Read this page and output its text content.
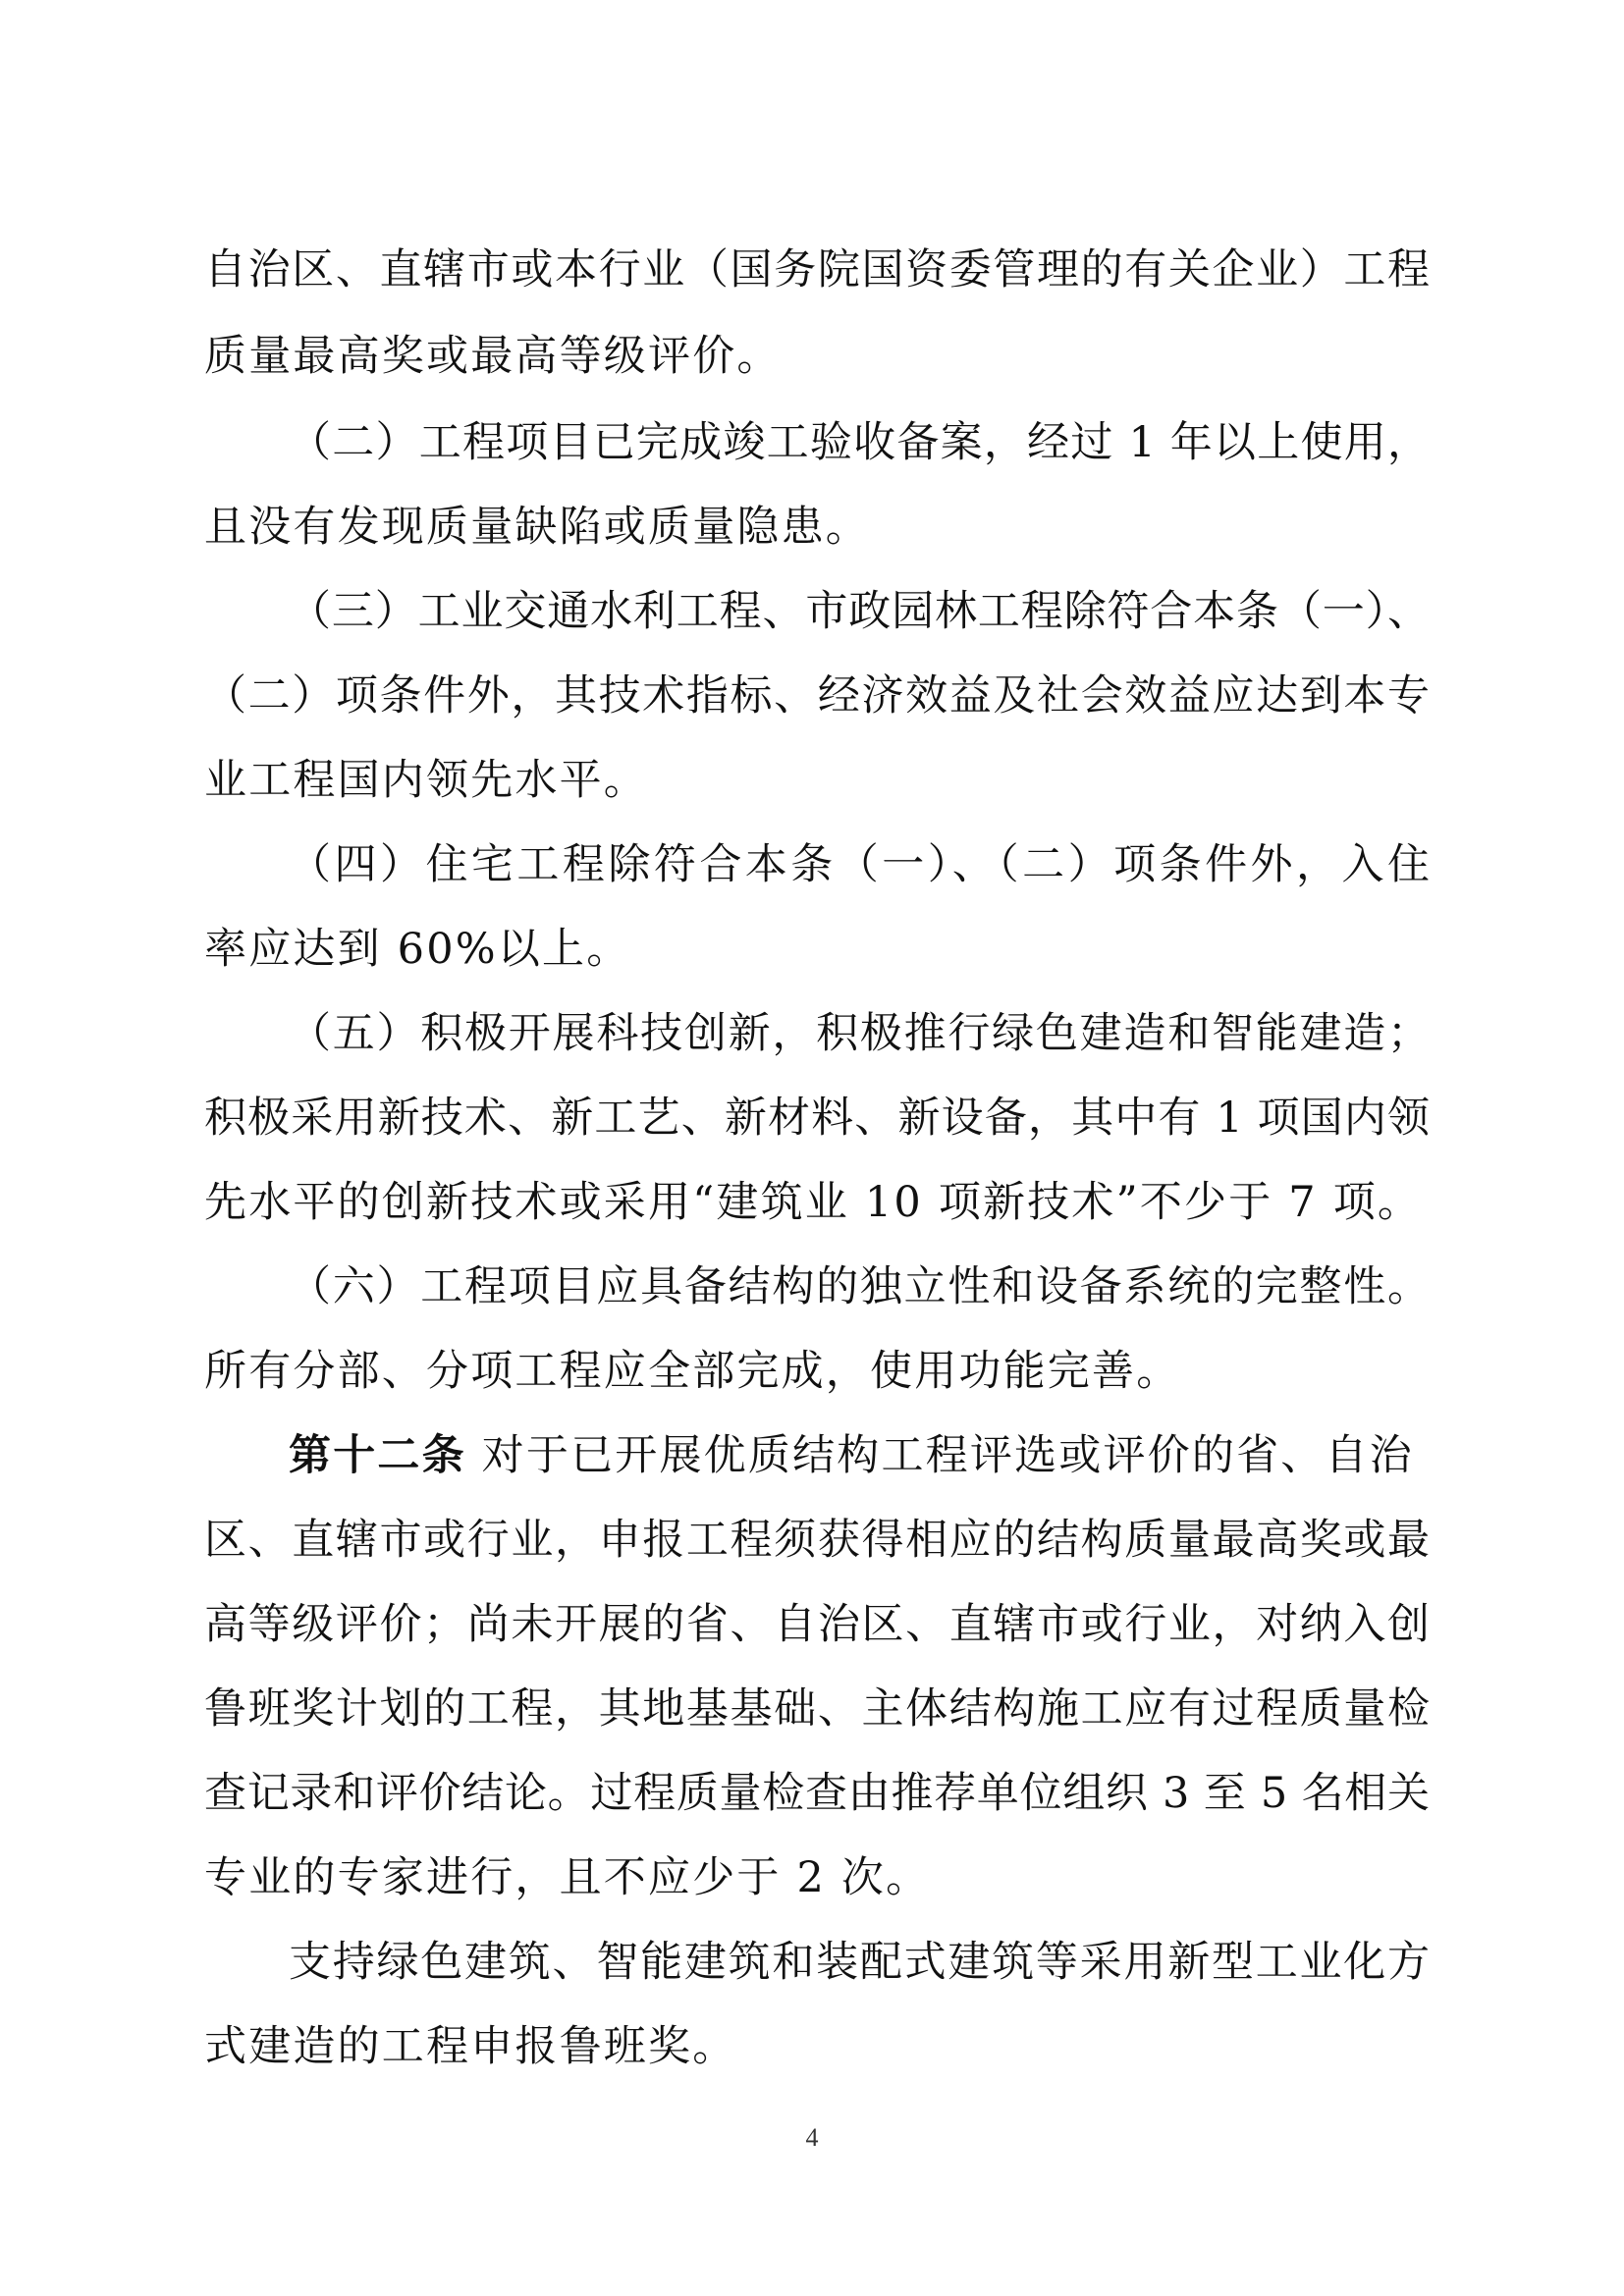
自治区、直辖市或本行业（国务院国资委管理的有关企业）工程
质量最高奖或最高等级评价。
（二）工程项目已完成竣工验收备案，经过 1 年以上使用，
且没有发现质量缺陷或质量隐患。
（三）工业交通水利工程、市政园林工程除符合本条（一）、
（二）项条件外，其技术指标、经济效益及社会效益应达到本专
业工程国内领先水平。
（四）住宅工程除符合本条（一）、（二）项条件外，入住
率应达到 60%以上。
（五）积极开展科技创新，积极推行绿色建造和智能建造；
积极采用新技术、新工艺、新材料、新设备，其中有 1 项国内领
先水平的创新技术或采用“建筑业 10 项新技术”不少于 7 项。
（六）工程项目应具备结构的独立性和设备系统的完整性。
所有分部、分项工程应全部完成，使用功能完善。
第十二条 对于已开展优质结构工程评选或评价的省、自治
区、直辖市或行业，申报工程须获得相应的结构质量最高奖或最
高等级评价；尚未开展的省、自治区、直辖市或行业，对纳入创
鲁班奖计划的工程，其地基基础、主体结构施工应有过程质量检
查记录和评价结论。过程质量检查由推荐单位组织 3 至 5 名相关
专业的专家进行，且不应少于 2 次。
支持绿色建筑、智能建筑和装配式建筑等采用新型工业化方
式建造的工程申报鲁班奖。
4
